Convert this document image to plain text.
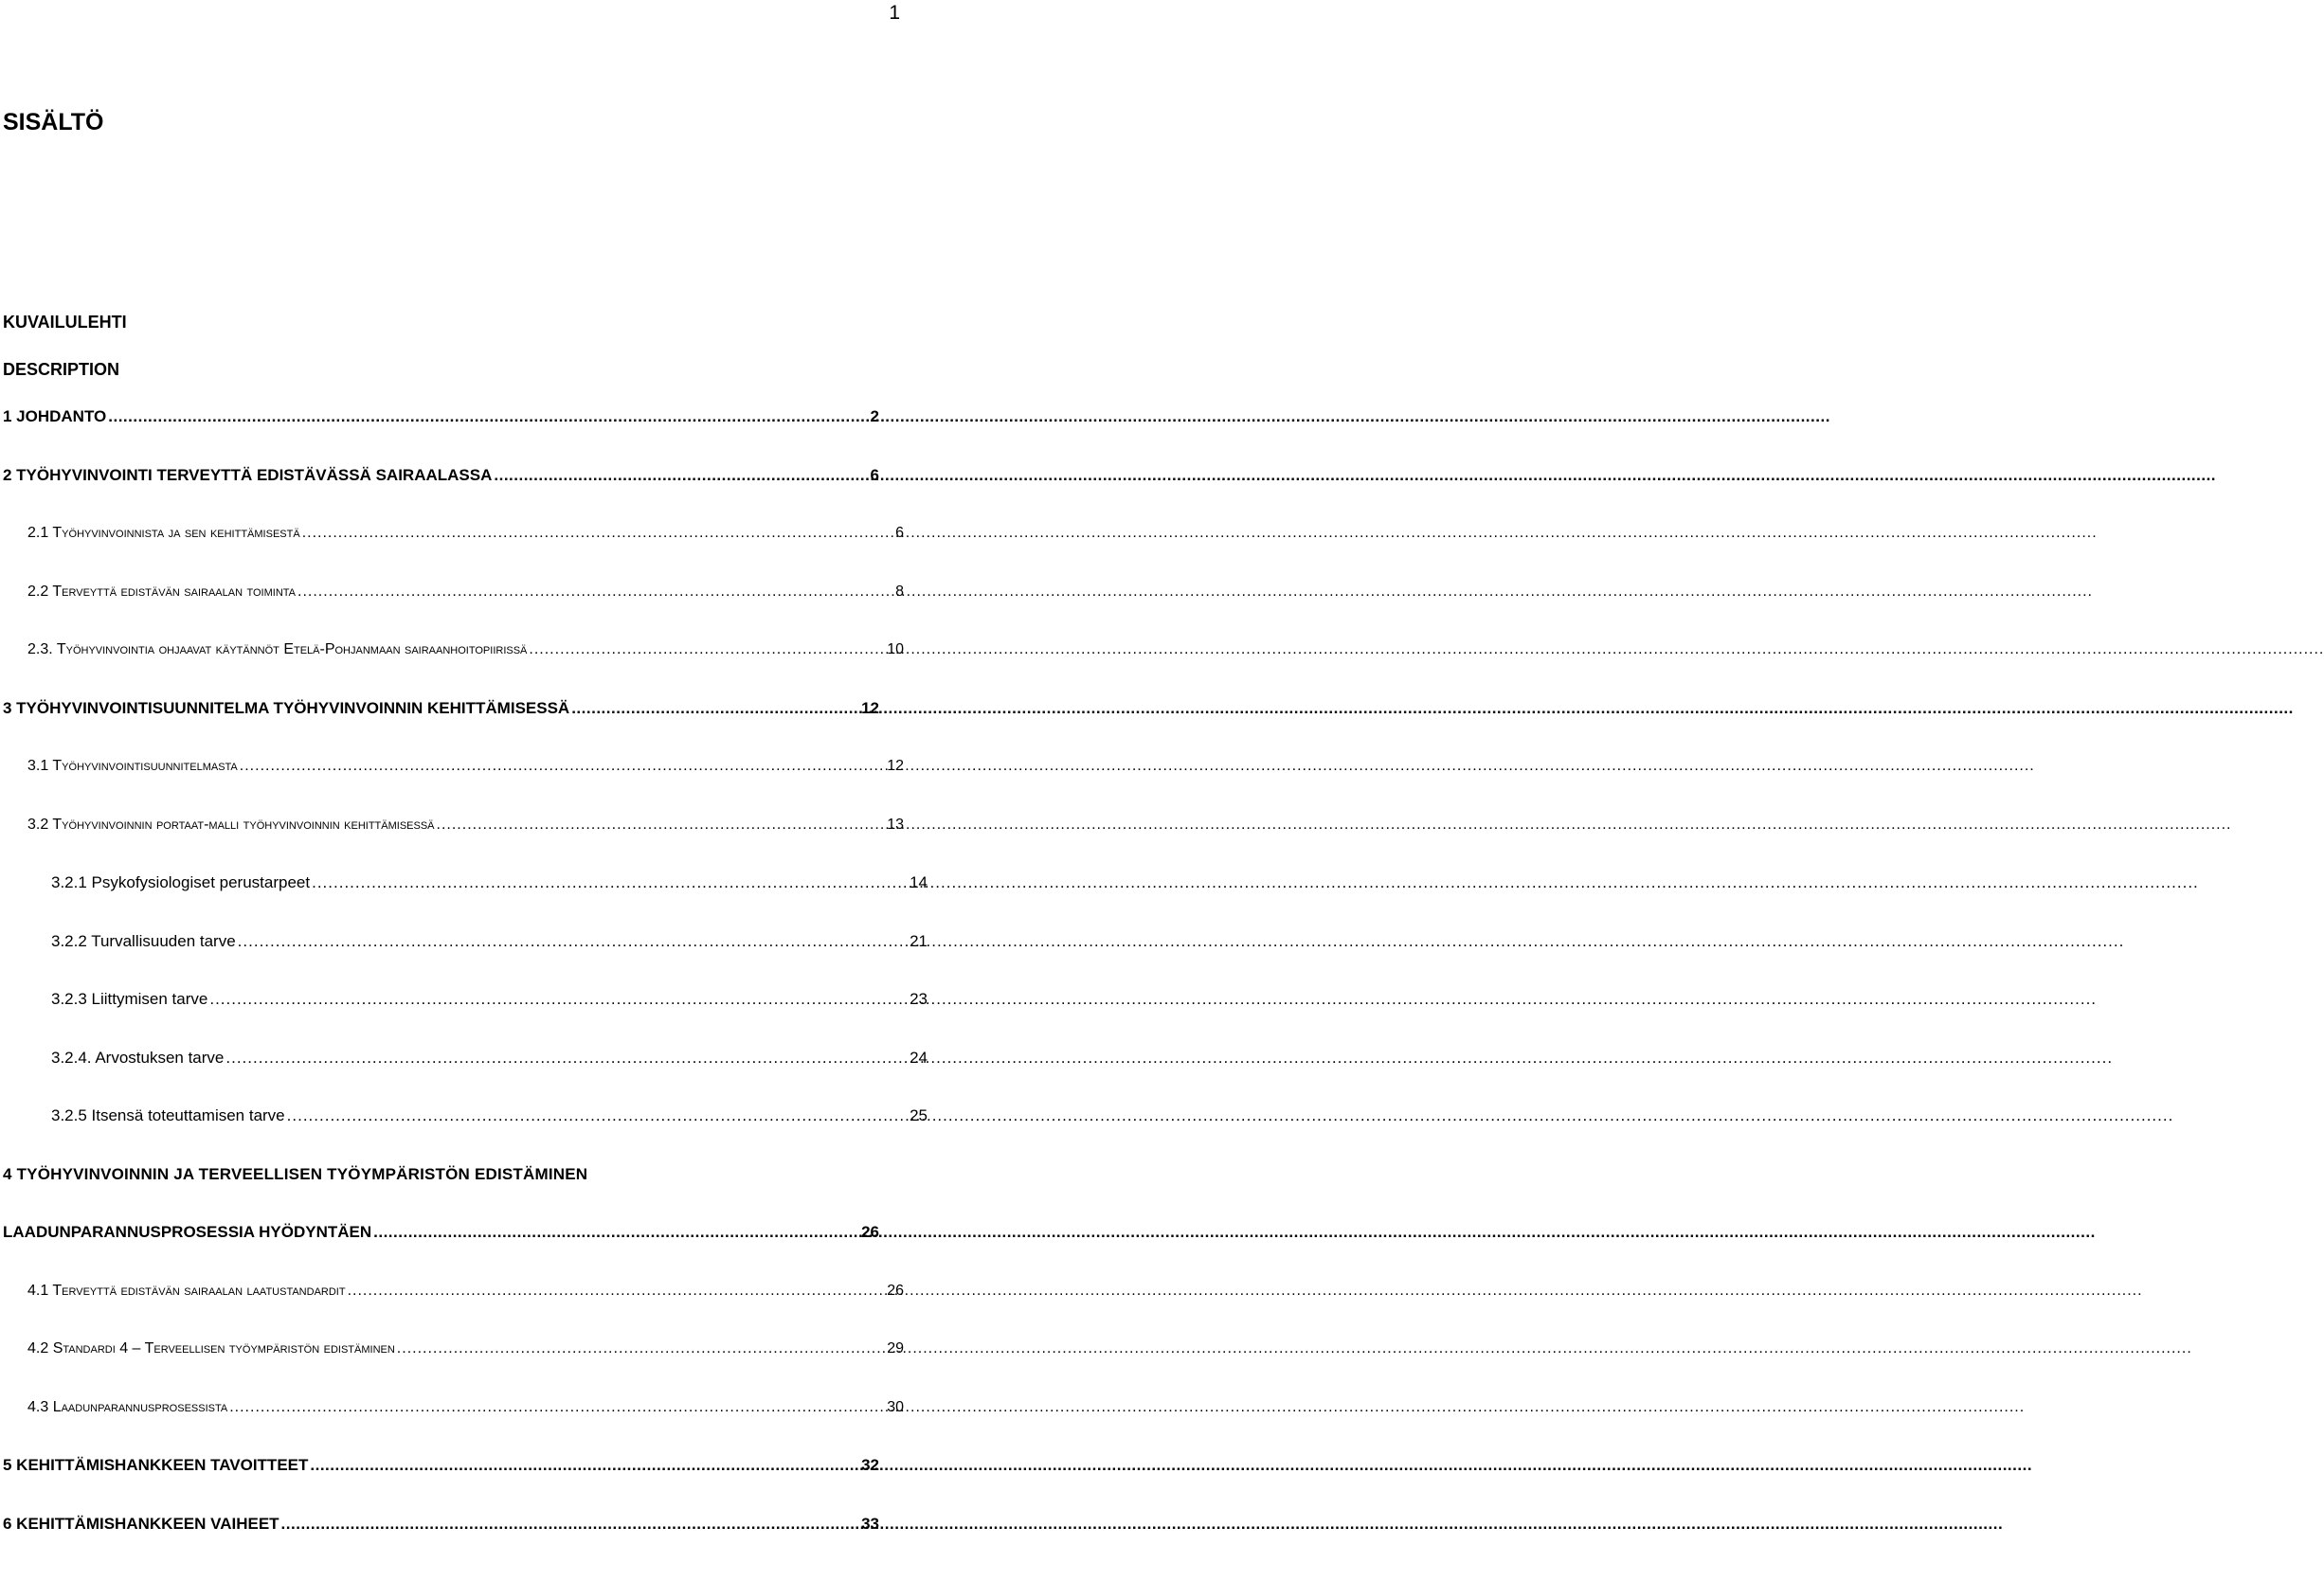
1
SISÄLTÖ
KUVAILULEHTI
DESCRIPTION
1 JOHDANTO .....	2
2 TYÖHYVINVOINTI TERVEYTTÄ EDISTÄVÄSSÄ SAIRAALASSA .....	6
2.1 Työhyvinvoinnista ja sen kehittämisestä .....	6
2.2 Terveyttä edistävän sairaalan toiminta .....	8
2.3. Työhyvinvointia ohjaavat käytännöt Etelä-Pohjanmaan sairaanhoitopiirissä .....	10
3 TYÖHYVINVOINTISUUNNITELMA TYÖHYVINVOINNIN KEHITTÄMISESSÄ .....	12
3.1 Työhyvinvointisuunnitelmasta .....	12
3.2 Työhyvinvoinnin portaat-malli työhyvinvoinnin kehittämisessä .....	13
3.2.1 Psykofysiologiset perustarpeet .....	14
3.2.2 Turvallisuuden tarve .....	21
3.2.3 Liittymisen tarve .....	23
3.2.4. Arvostuksen tarve .....	24
3.2.5 Itsensä toteuttamisen tarve .....	25
4 TYÖHYVINVOINNIN JA TERVEELLISEN TYÖYMPÄRISTÖN EDISTÄMINEN
LAADUNPARANNUSPROSESSIA HYÖDYNTÄEN .....	26
4.1 Terveyttä edistävän sairaalan laatustandardit .....	26
4.2 Standardi 4 – Terveellisen työympäristön edistäminen .....	29
4.3 Laadunparannusprosessista .....	30
5 KEHITTÄMISHANKKEEN TAVOITTEET .....	32
6 KEHITTÄMISHANKKEEN VAIHEET .....	33
